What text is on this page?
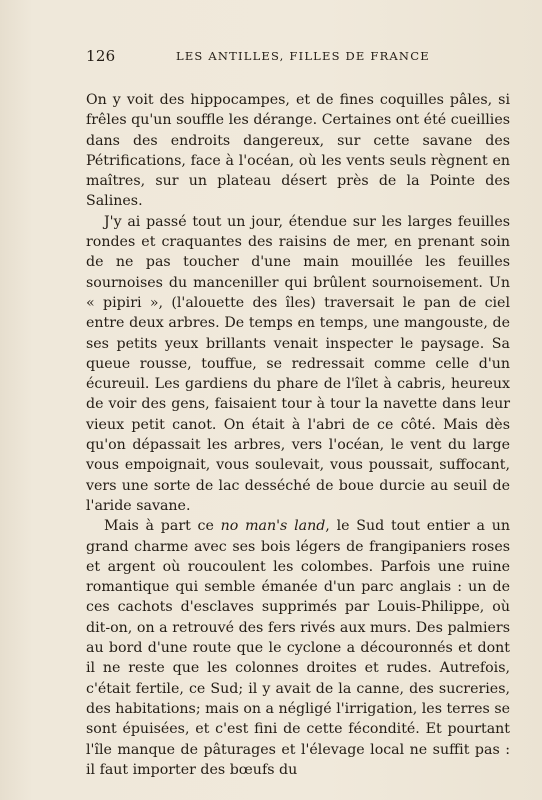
126	LES ANTILLES, FILLES DE FRANCE

On y voit des hippocampes, et de fines coquilles pâles, si frêles qu'un souffle les dérange. Certaines ont été cueillies dans des endroits dangereux, sur cette savane des Pétrifications, face à l'océan, où les vents seuls règnent en maîtres, sur un plateau désert près de la Pointe des Salines.

J'y ai passé tout un jour, étendue sur les larges feuilles rondes et craquantes des raisins de mer, en prenant soin de ne pas toucher d'une main mouillée les feuilles sournoises du manceniller qui brûlent sournoisement. Un « pipiri », (l'alouette des îles) traversait le pan de ciel entre deux arbres. De temps en temps, une mangouste, de ses petits yeux brillants venait inspecter le paysage. Sa queue rousse, touffue, se redressait comme celle d'un écureuil. Les gardiens du phare de l'îlet à cabris, heureux de voir des gens, faisaient tour à tour la navette dans leur vieux petit canot. On était à l'abri de ce côté. Mais dès qu'on dépassait les arbres, vers l'océan, le vent du large vous empoignait, vous soulevait, vous poussait, suffocant, vers une sorte de lac desséché de boue durcie au seuil de l'aride savane.

Mais à part ce no man's land, le Sud tout entier a un grand charme avec ses bois légers de frangipaniers roses et argent où roucoulent les colombes. Parfois une ruine romantique qui semble émanée d'un parc anglais : un de ces cachots d'esclaves supprimés par Louis-Philippe, où dit-on, on a retrouvé des fers rivés aux murs. Des palmiers au bord d'une route que le cyclone a découronnés et dont il ne reste que les colonnes droites et rudes. Autrefois, c'était fertile, ce Sud; il y avait de la canne, des sucreries, des habitations; mais on a négligé l'irrigation, les terres se sont épuisées, et c'est fini de cette fécondité. Et pourtant l'île manque de pâturages et l'élevage local ne suffit pas : il faut importer des bœufs du
